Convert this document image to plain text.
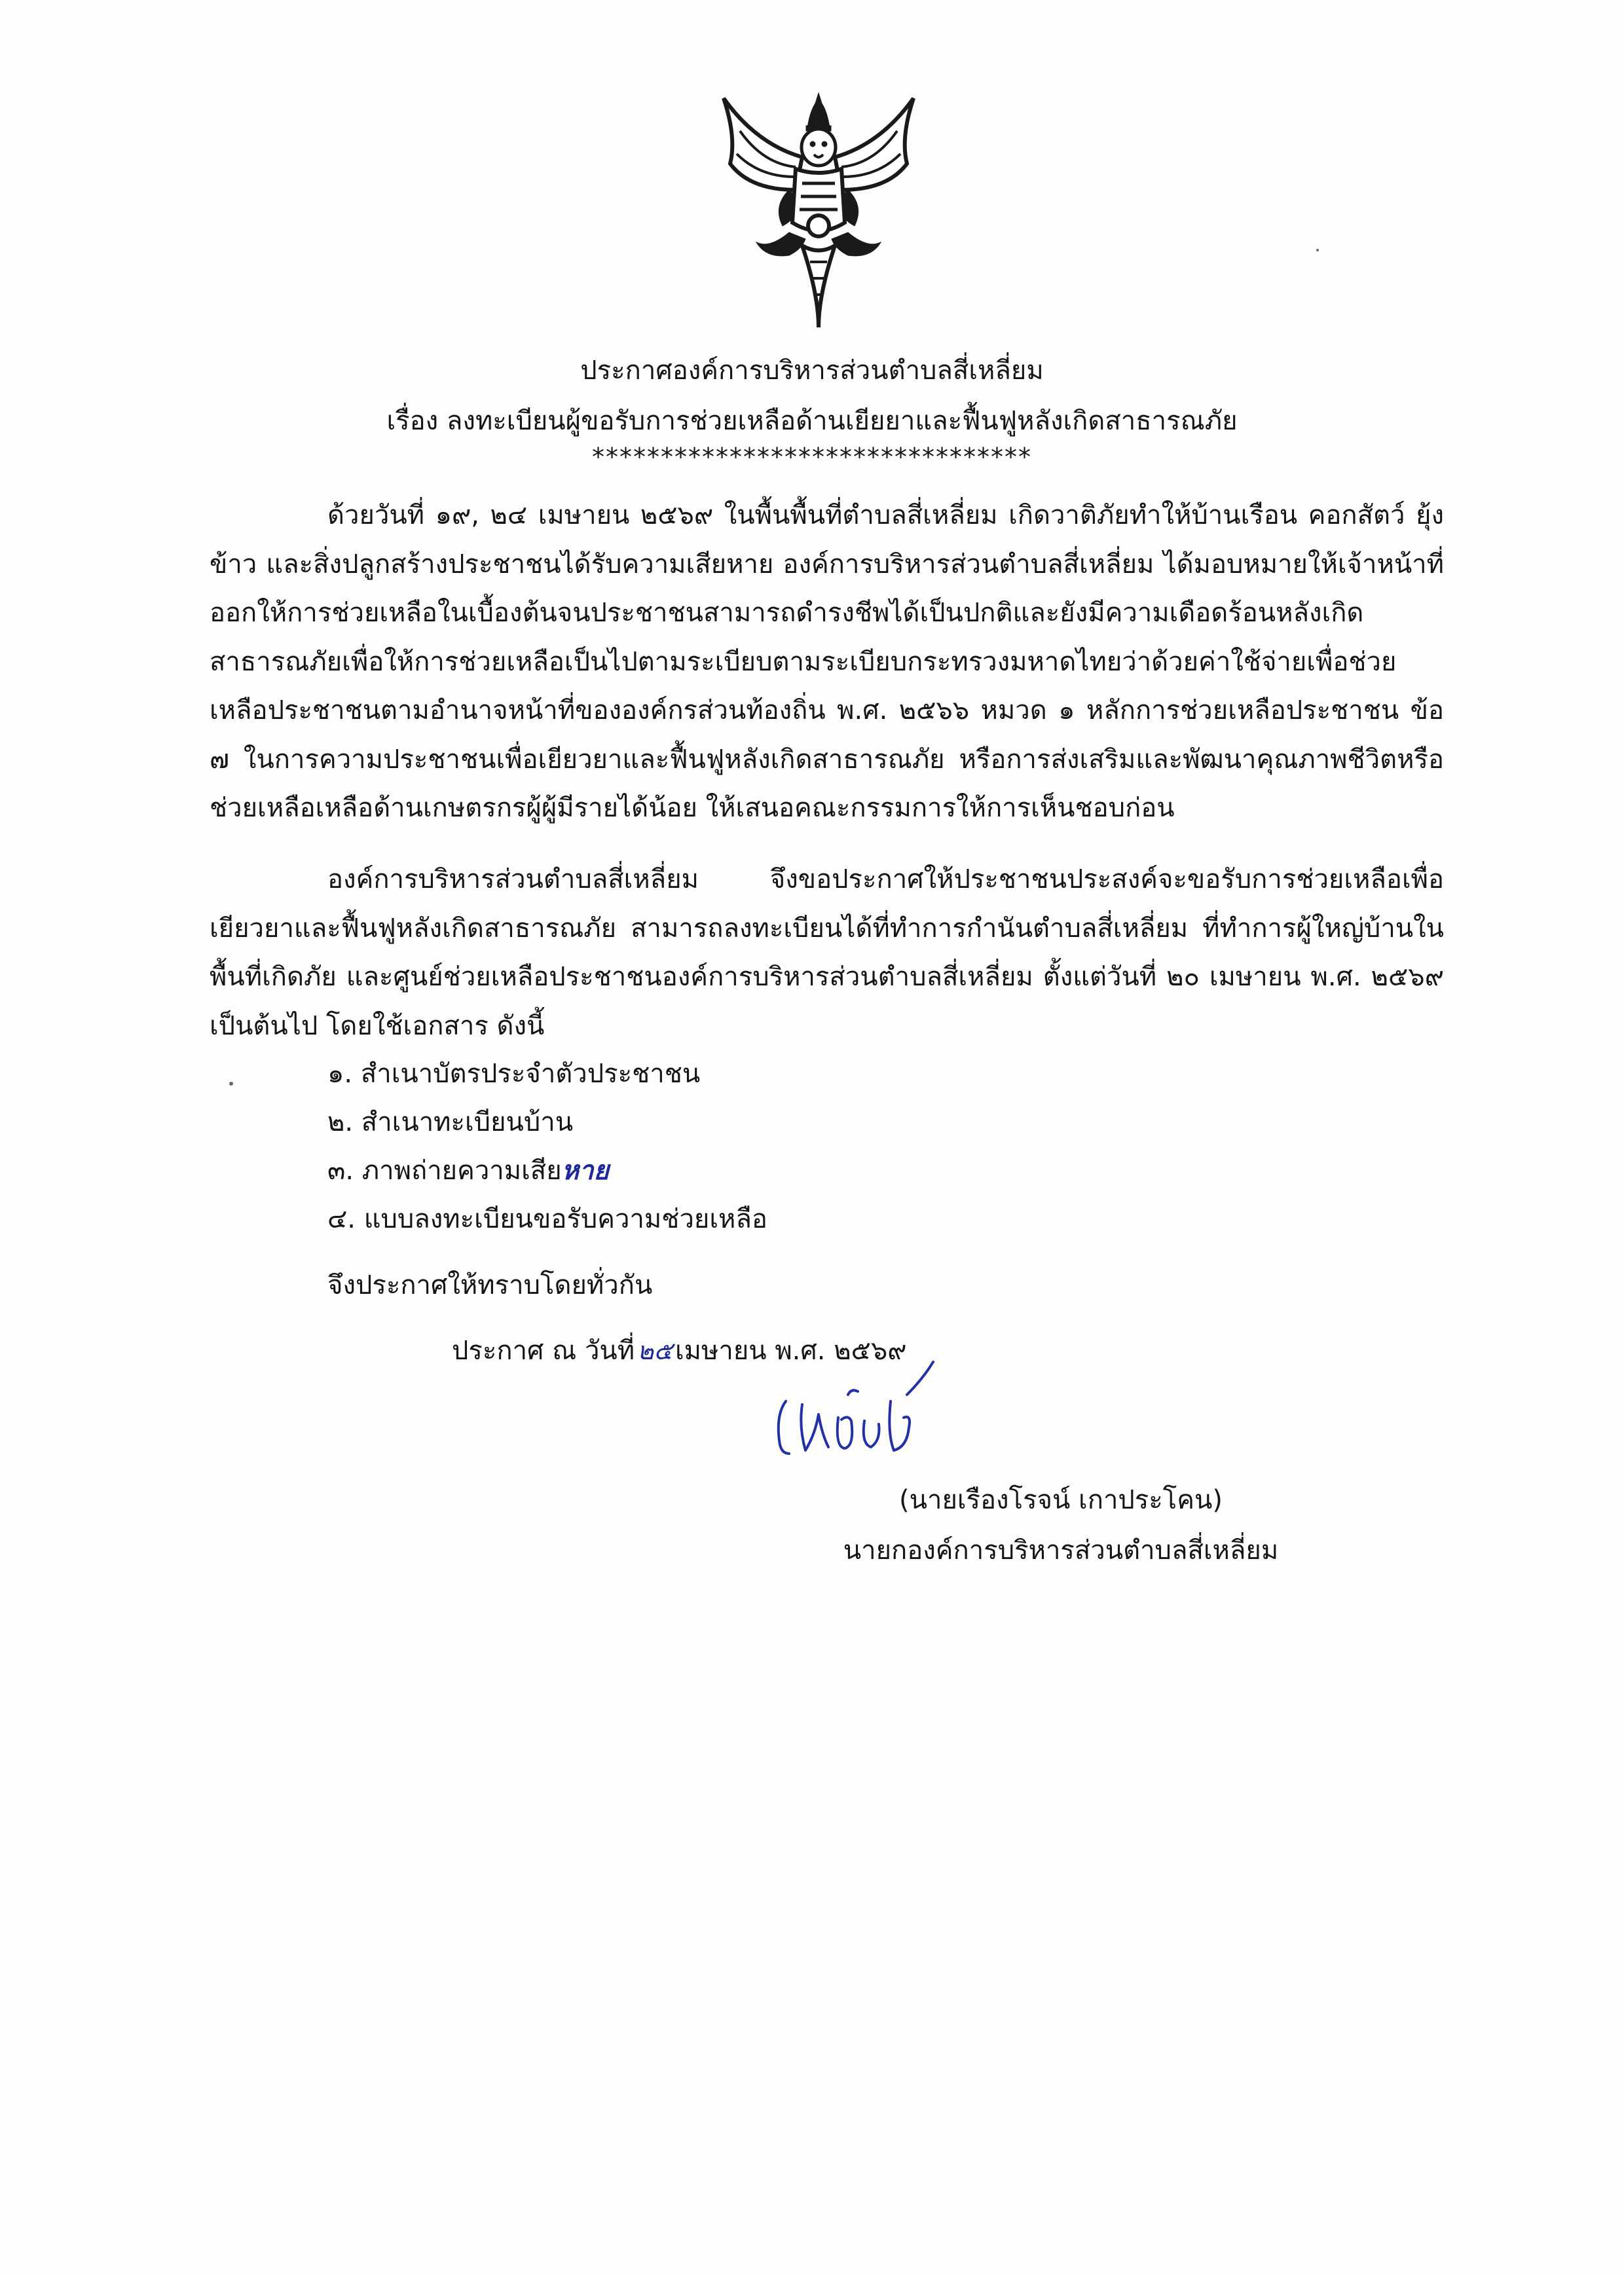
ประกาศองค์การบริหารส่วนตำบลสี่เหลี่ยม
เรื่อง ลงทะเบียนผู้ขอรับการช่วยเหลือด้านเยียยาและฟื้นฟูหลังเกิดสาธารณภัย
********************************

ด้วยวันที่ ๑๙, ๒๔ เมษายน ๒๕๖๙ ในพื้นพื้นที่ตำบลสี่เหลี่ยม เกิดวาติภัยทำให้บ้านเรือน คอกสัตว์ ยุ้งข้าว และสิ่งปลูกสร้างประชาชนได้รับความเสียหาย องค์การบริหารส่วนตำบลสี่เหลี่ยม ได้มอบหมายให้เจ้าหน้าที่ออกให้การช่วยเหลือในเบื้องต้นจนประชาชนสามารถดำรงชีพได้เป็นปกติและยังมีความเดือดร้อนหลังเกิดสาธารณภัยเพื่อให้การช่วยเหลือเป็นไปตามระเบียบตามระเบียบกระทรวงมหาดไทยว่าด้วยค่าใช้จ่ายเพื่อช่วยเหลือประชาชนตามอำนาจหน้าที่ขององค์กรส่วนท้องถิ่น พ.ศ. ๒๕๖๖ หมวด ๑ หลักการช่วยเหลือประชาชน ข้อ ๗ ในการความประชาชนเพื่อเยียวยาและฟื้นฟูหลังเกิดสาธารณภัย หรือการส่งเสริมและพัฒนาคุณภาพชีวิตหรือช่วยเหลือเหลือด้านเกษตรกรผู้ผู้มีรายได้น้อย ให้เสนอคณะกรรมการให้การเห็นชอบก่อน

องค์การบริหารส่วนตำบลสี่เหลี่ยม จึงขอประกาศให้ประชาชนประสงค์จะขอรับการช่วยเหลือเพื่อเยียวยาและฟื้นฟูหลังเกิดสาธารณภัย สามารถลงทะเบียนได้ที่ทำการกำนันตำบลสี่เหลี่ยม ที่ทำการผู้ใหญ่บ้านในพื้นที่เกิดภัย และศูนย์ช่วยเหลือประชาชนองค์การบริหารส่วนตำบลสี่เหลี่ยม ตั้งแต่วันที่ ๒๐ เมษายน พ.ศ. ๒๕๖๙ เป็นต้นไป โดยใช้เอกสาร ดังนี้

๑. สำเนาบัตรประจำตัวประชาชน
๒. สำเนาทะเบียนบ้าน
๓. ภาพถ่ายความเสียหาย
๔. แบบลงทะเบียนขอรับความช่วยเหลือ
จึงประกาศให้ทราบโดยทั่วกัน
ประกาศ ณ วันที่ ๒๕ เมษายน พ.ศ. ๒๕๖๙
(นายเรืองโรจน์ เกาประโคน)
นายกองค์การบริหารส่วนตำบลสี่เหลี่ยม
